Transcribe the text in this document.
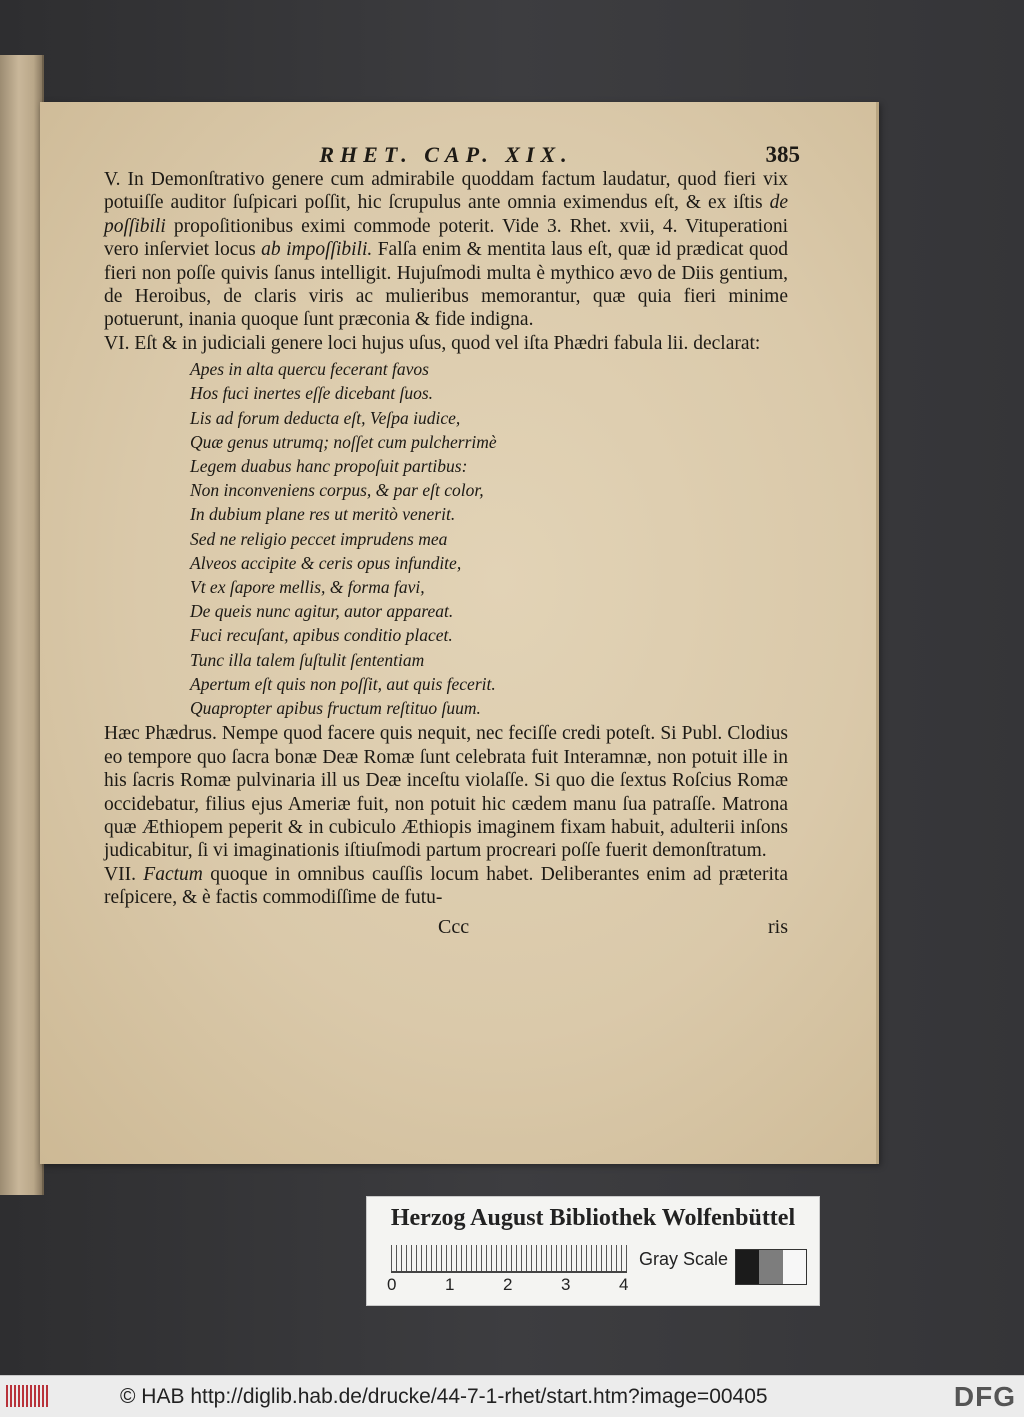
RHET. CAP. XIX.	385

V. In Demonſtrativo genere cum admirabile quoddam factum laudatur, quod fieri vix potuiſſe auditor ſuſpicari poſſit, hic ſcrupulus ante omnia eximendus eſt, & ex iſtis de poſſibili propoſitionibus eximi commode poterit. Vide 3. Rhet. xvii, 4. Vituperationi vero inſerviet locus ab impoſſibili. Falſa enim & mentita laus eſt, quæ id prædicat quod fieri non poſſe quivis ſanus intelligit. Hujuſmodi multa è mythico ævo de Diis gentium, de Heroibus, de claris viris ac mulieribus memorantur, quæ quia fieri minime potuerunt, inania quoque ſunt præconia & fide indigna.

VI. Eſt & in judiciali genere loci hujus uſus, quod vel iſta Phædri fabula lii. declarat:

Apes in alta quercu fecerant favos
Hos fuci inertes eſſe dicebant ſuos.
Lis ad forum deducta eſt, Veſpa iudice,
Quæ genus utrumq; noſſet cum pulcherrimè
Legem duabus hanc propoſuit partibus:
Non inconveniens corpus, & par eſt color,
In dubium plane res ut meritò venerit.
Sed ne religio peccet imprudens mea
Alveos accipite & ceris opus infundite,
Vt ex ſapore mellis, & forma favi,
De queis nunc agitur, autor appareat.
Fuci recuſant, apibus conditio placet.
Tunc illa talem ſuſtulit ſententiam
Apertum eſt quis non poſſit, aut quis fecerit.
Quapropter apibus fructum reſtituo ſuum.

Hæc Phædrus. Nempe quod facere quis nequit, nec feciſſe credi poteſt. Si Publ. Clodius eo tempore quo ſacra bonæ Deæ Romæ ſunt celebrata fuit Interamnæ, non potuit ille in his ſacris Romæ pulvinaria ill us Deæ inceſtu violaſſe. Si quo die ſextus Roſcius Romæ occidebatur, filius ejus Ameriæ fuit, non potuit hic cædem manu ſua patraſſe. Matrona quæ Æthiopem peperit & in cubiculo Æthiopis imaginem fixam habuit, adulterii inſons judicabitur, ſi vi imaginationis iſtiuſmodi partum procreari poſſe fuerit demonſtratum.

VII. Factum quoque in omnibus cauſſis locum habet. Deliberantes enim ad præterita reſpicere, & è factis commodiſſime de futu-

Ccc	ris
Herzog August Bibliothek Wolfenbüttel
0	1	2	3	4
Gray Scale
© HAB http://diglib.hab.de/drucke/44-7-1-rhet/start.htm?image=00405	DFG
